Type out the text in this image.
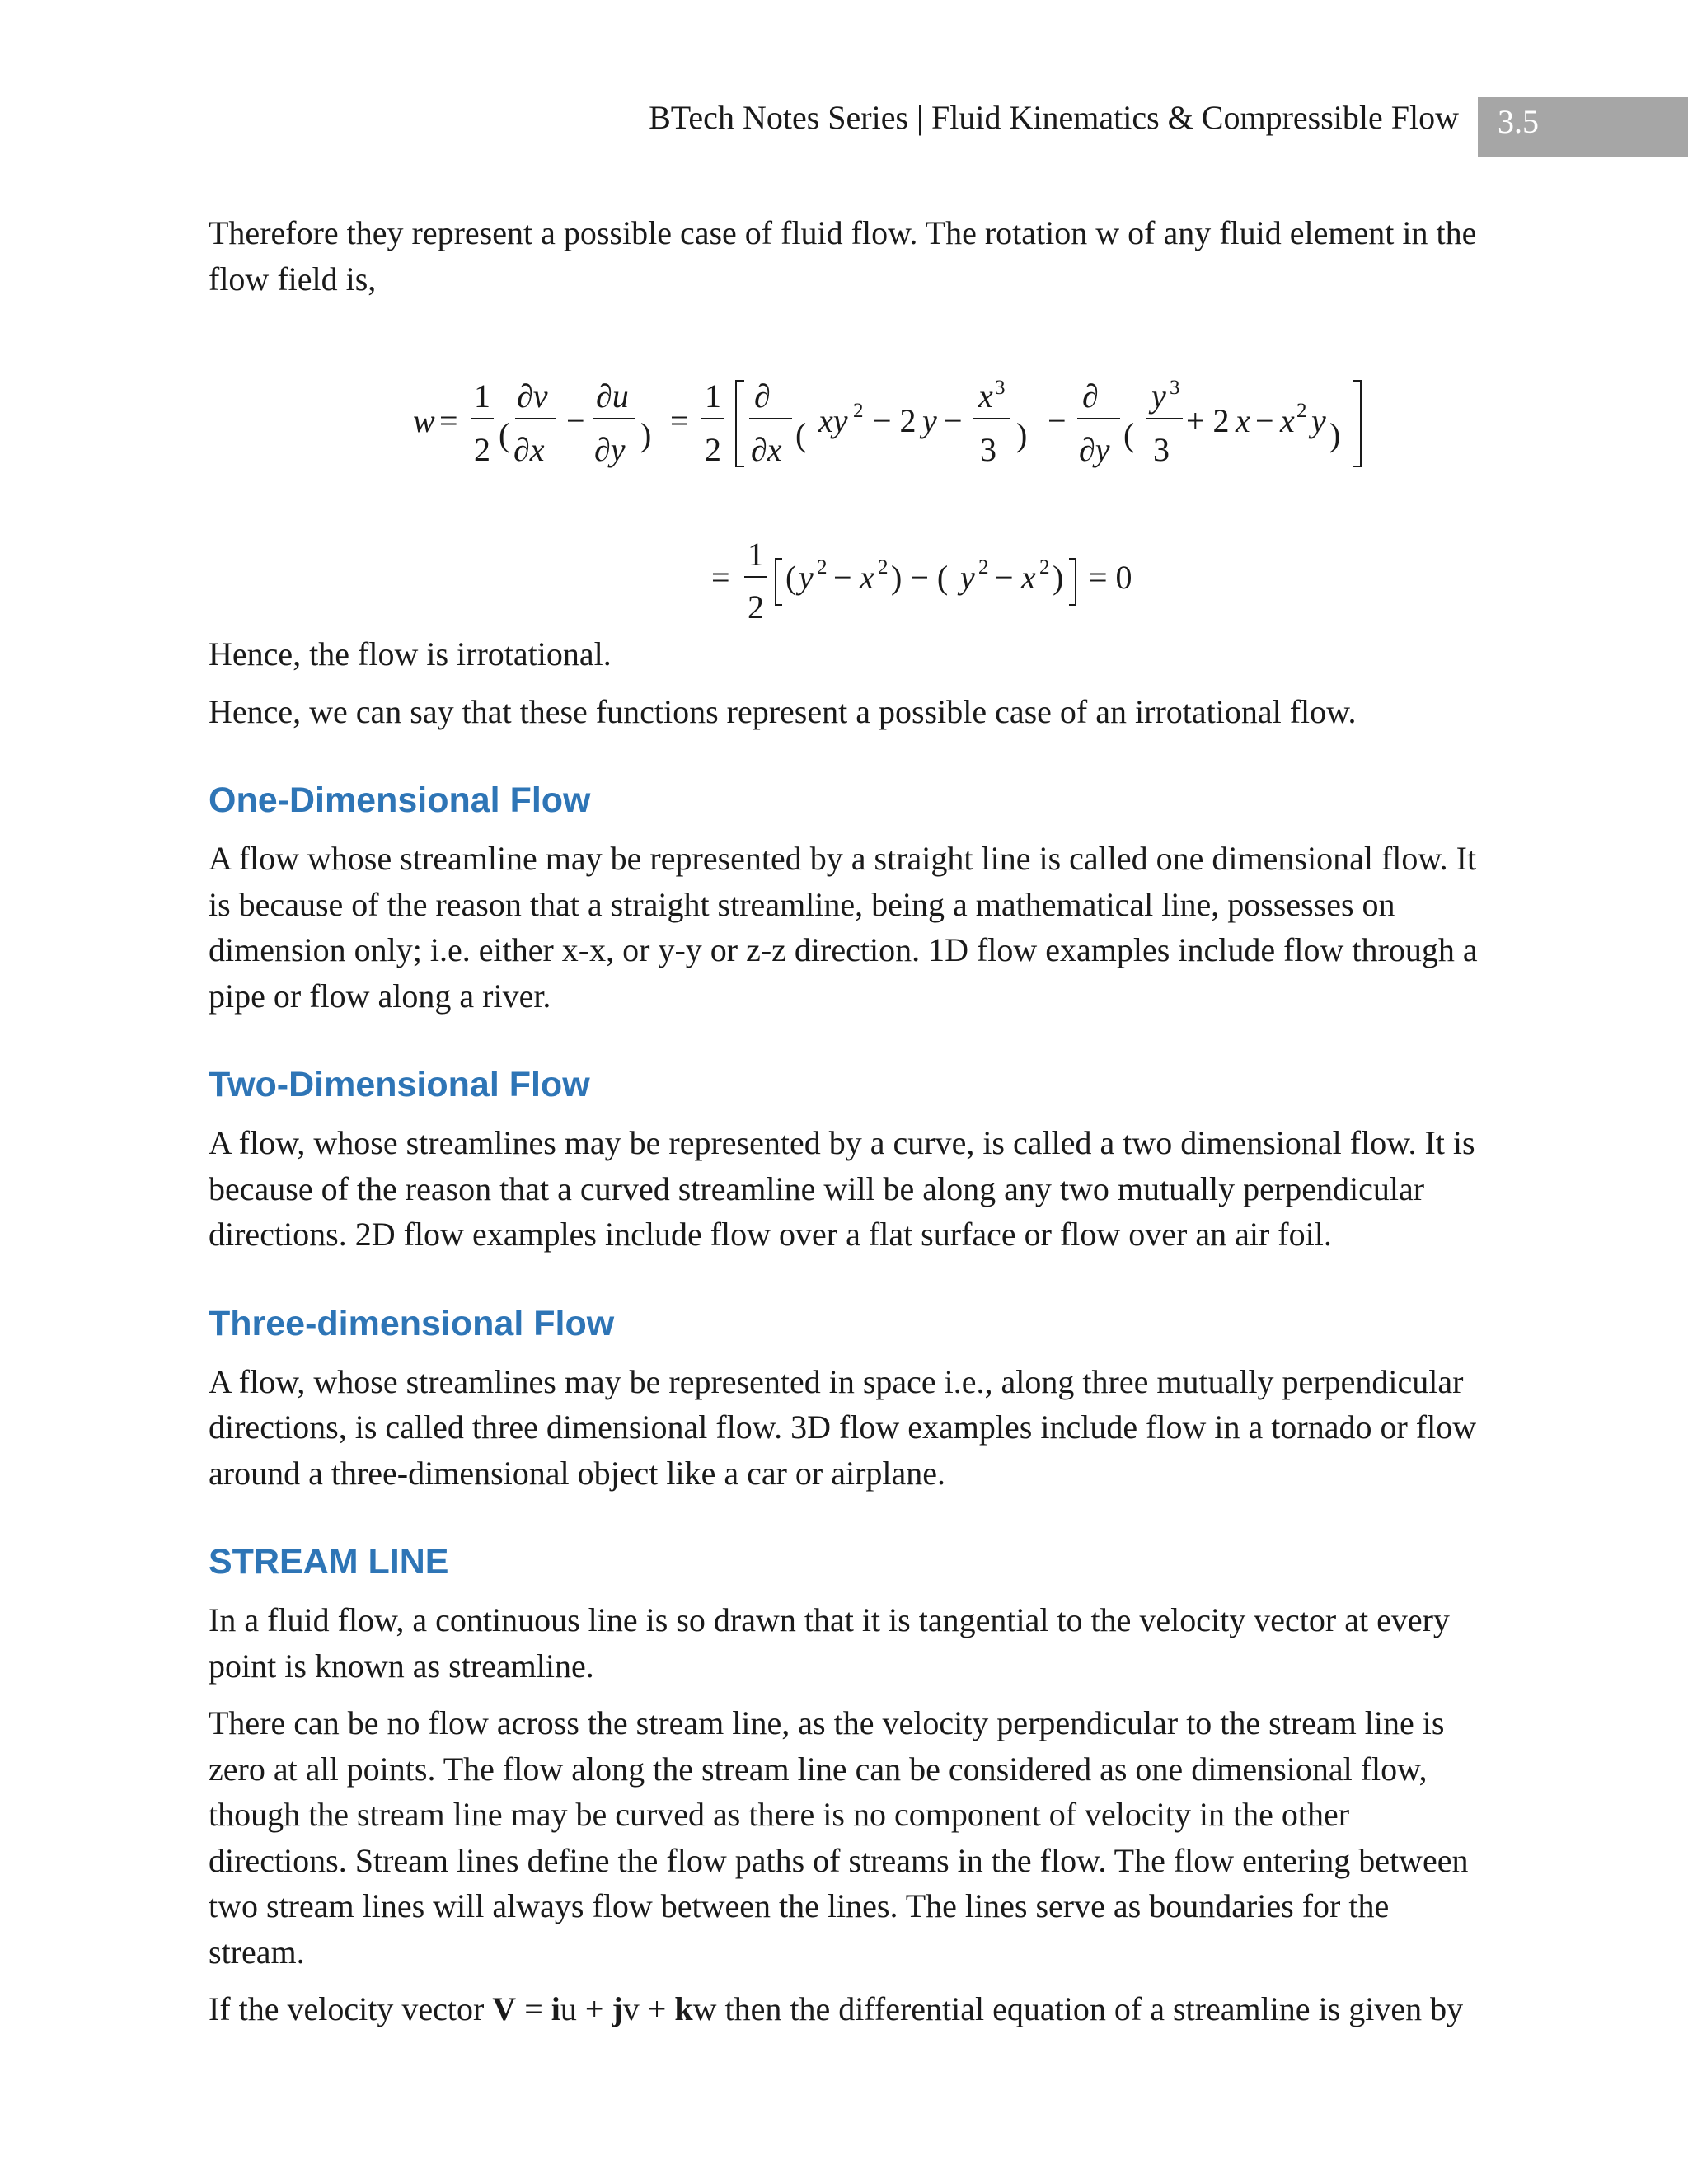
BTech Notes Series | Fluid Kinematics & Compressible Flow	3.5

Therefore they represent a possible case of fluid flow. The rotation w of any fluid element in the flow field is,

w =
1
2 (
∂v
∂x
−
∂u
∂y ) =
1
2
∂
∂x ( xy 2 − 2 y −
x 3
3 ) −
∂
∂y (
y 3
3
+ 2 x − x 2 y )
=
1
2
( y 2 − x 2 ) − ( y 2 − x 2 ) = 0

Hence, the flow is irrotational.

Hence, we can say that these functions represent a possible case of an irrotational flow.

One-Dimensional Flow

A flow whose streamline may be represented by a straight line is called one dimensional flow. It is because of the reason that a straight streamline, being a mathematical line, possesses on dimension only; i.e. either x-x, or y-y or z-z direction. 1D flow examples include flow through a pipe or flow along a river.

Two-Dimensional Flow

A flow, whose streamlines may be represented by a curve, is called a two dimensional flow. It is because of the reason that a curved streamline will be along any two mutually perpendicular directions. 2D flow examples include flow over a flat surface or flow over an air foil.

Three-dimensional Flow

A flow, whose streamlines may be represented in space i.e., along three mutually perpendicular directions, is called three dimensional flow. 3D flow examples include flow in a tornado or flow around a three-dimensional object like a car or airplane.

STREAM LINE

In a fluid flow, a continuous line is so drawn that it is tangential to the velocity vector at every point is known as streamline.

There can be no flow across the stream line, as the velocity perpendicular to the stream line is zero at all points. The flow along the stream line can be considered as one dimensional flow, though the stream line may be curved as there is no component of velocity in the other directions. Stream lines define the flow paths of streams in the flow. The flow entering between two stream lines will always flow between the lines. The lines serve as boundaries for the stream.

If the velocity vector V = iu + jv + kw then the differential equation of a streamline is given by
